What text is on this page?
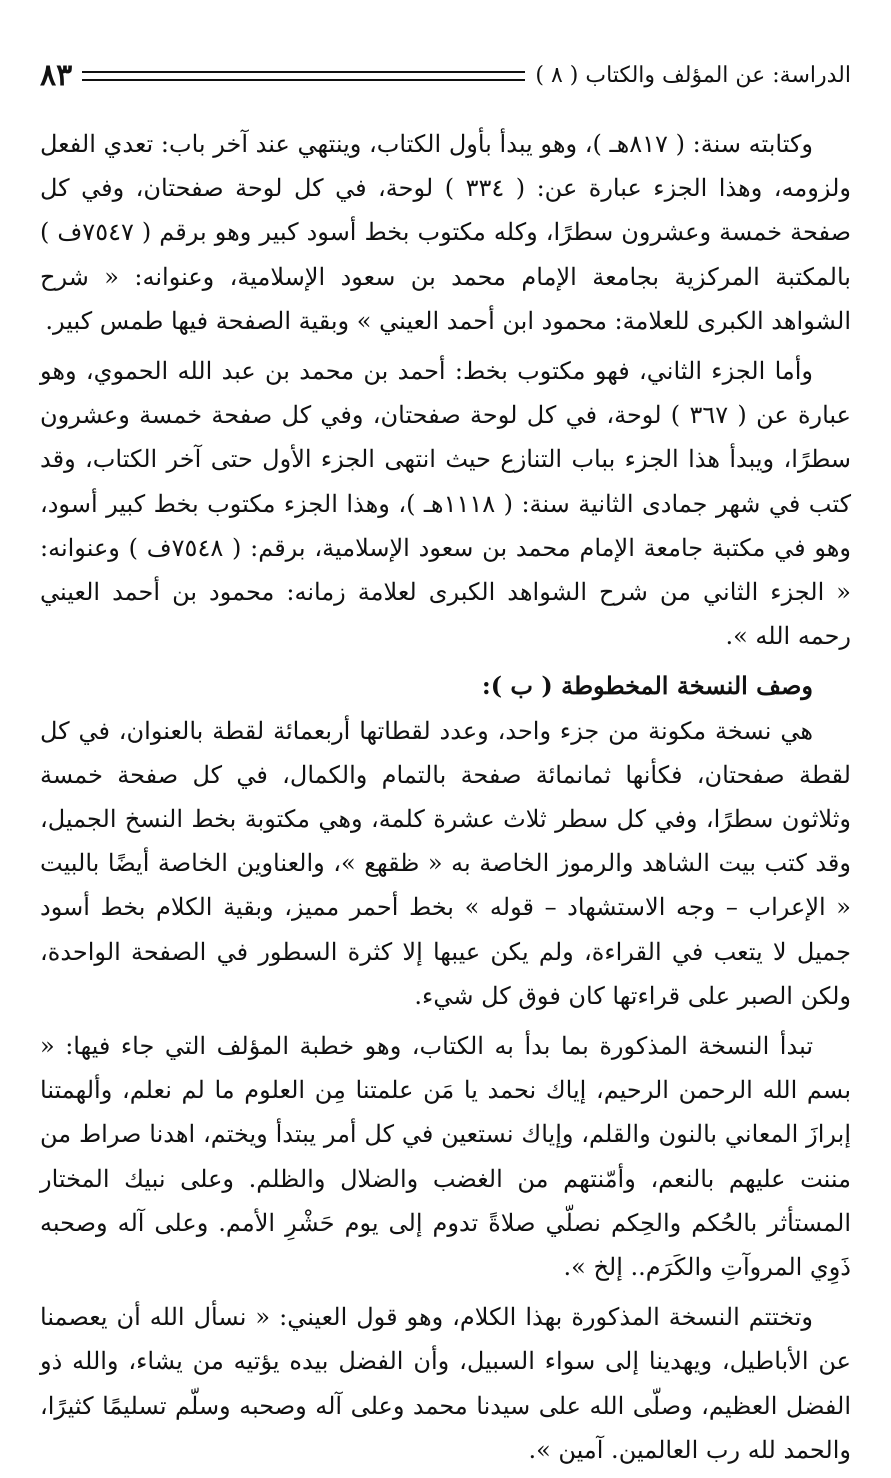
الدراسة: عن المؤلف والكتاب ( ٨ )
٨٣

وكتابته سنة: ( ٨١٧هـ )، وهو يبدأ بأول الكتاب، وينتهي عند آخر باب: تعدي الفعل ولزومه، وهذا الجزء عبارة عن: ( ٣٣٤ ) لوحة، في كل لوحة صفحتان، وفي كل صفحة خمسة وعشرون سطرًا، وكله مكتوب بخط أسود كبير وهو برقم ( ٧٥٤٧ف ) بالمكتبة المركزية بجامعة الإمام محمد بن سعود الإسلامية، وعنوانه: « شرح الشواهد الكبرى للعلامة: محمود ابن أحمد العيني » وبقية الصفحة فيها طمس كبير.

وأما الجزء الثاني، فهو مكتوب بخط: أحمد بن محمد بن عبد الله الحموي، وهو عبارة عن ( ٣٦٧ ) لوحة، في كل لوحة صفحتان، وفي كل صفحة خمسة وعشرون سطرًا، ويبدأ هذا الجزء بباب التنازع حيث انتهى الجزء الأول حتى آخر الكتاب، وقد كتب في شهر جمادى الثانية سنة: ( ١١١٨هـ )، وهذا الجزء مكتوب بخط كبير أسود، وهو في مكتبة جامعة الإمام محمد بن سعود الإسلامية، برقم: ( ٧٥٤٨ف ) وعنوانه: « الجزء الثاني من شرح الشواهد الكبرى لعلامة زمانه: محمود بن أحمد العيني رحمه الله ».

وصف النسخة المخطوطة ( ب ):

هي نسخة مكونة من جزء واحد، وعدد لقطاتها أربعمائة لقطة بالعنوان، في كل لقطة صفحتان، فكأنها ثمانمائة صفحة بالتمام والكمال، في كل صفحة خمسة وثلاثون سطرًا، وفي كل سطر ثلاث عشرة كلمة، وهي مكتوبة بخط النسخ الجميل، وقد كتب بيت الشاهد والرموز الخاصة به « ظقهع »، والعناوين الخاصة أيضًا بالبيت « الإعراب – وجه الاستشهاد – قوله » بخط أحمر مميز، وبقية الكلام بخط أسود جميل لا يتعب في القراءة، ولم يكن عيبها إلا كثرة السطور في الصفحة الواحدة، ولكن الصبر على قراءتها كان فوق كل شيء.

تبدأ النسخة المذكورة بما بدأ به الكتاب، وهو خطبة المؤلف التي جاء فيها: « بسم الله الرحمن الرحيم، إياك نحمد يا مَن علمتنا مِن العلوم ما لم نعلم، وألهمتنا إبرازَ المعاني بالنون والقلم، وإياك نستعين في كل أمر يبتدأ ويختم، اهدنا صراط من مننت عليهم بالنعم، وأمّنتهم من الغضب والضلال والظلم. وعلى نبيك المختار المستأثر بالحُكم والحِكم نصلّي صلاةً تدوم إلى يوم حَشْرِ الأمم. وعلى آله وصحبه ذَوِي المروآتِ والكَرَم.. إلخ ».

وتختتم النسخة المذكورة بهذا الكلام، وهو قول العيني: « نسأل الله أن يعصمنا عن الأباطيل، ويهدينا إلى سواء السبيل، وأن الفضل بيده يؤتيه من يشاء، والله ذو الفضل العظيم، وصلّى الله على سيدنا محمد وعلى آله وصحبه وسلّم تسليمًا كثيرًا، والحمد لله رب العالمين. آمين ».
